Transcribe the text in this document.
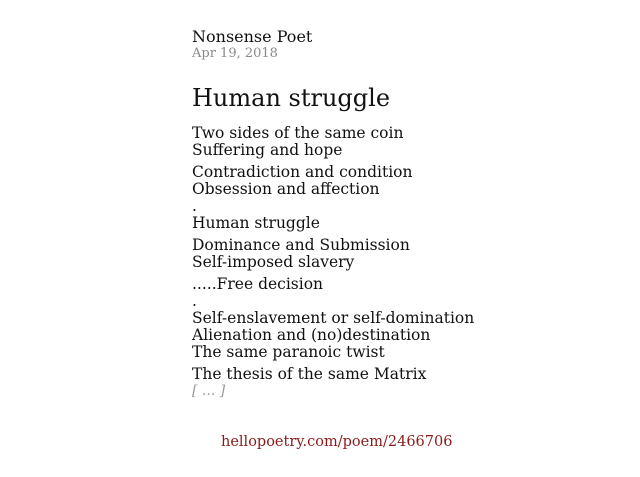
Nonsense Poet
Apr 19, 2018
Human struggle
Two sides of the same coin
Suffering and hope
Contradiction and condition
Obsession and affection
.
Human struggle
Dominance and Submission
Self-imposed slavery
.....Free decision
.
Self-enslavement or self-domination
Alienation and (no)destination
The same paranoic twist
The thesis of the same Matrix
[ ... ]
hellopoetry.com/poem/2466706
